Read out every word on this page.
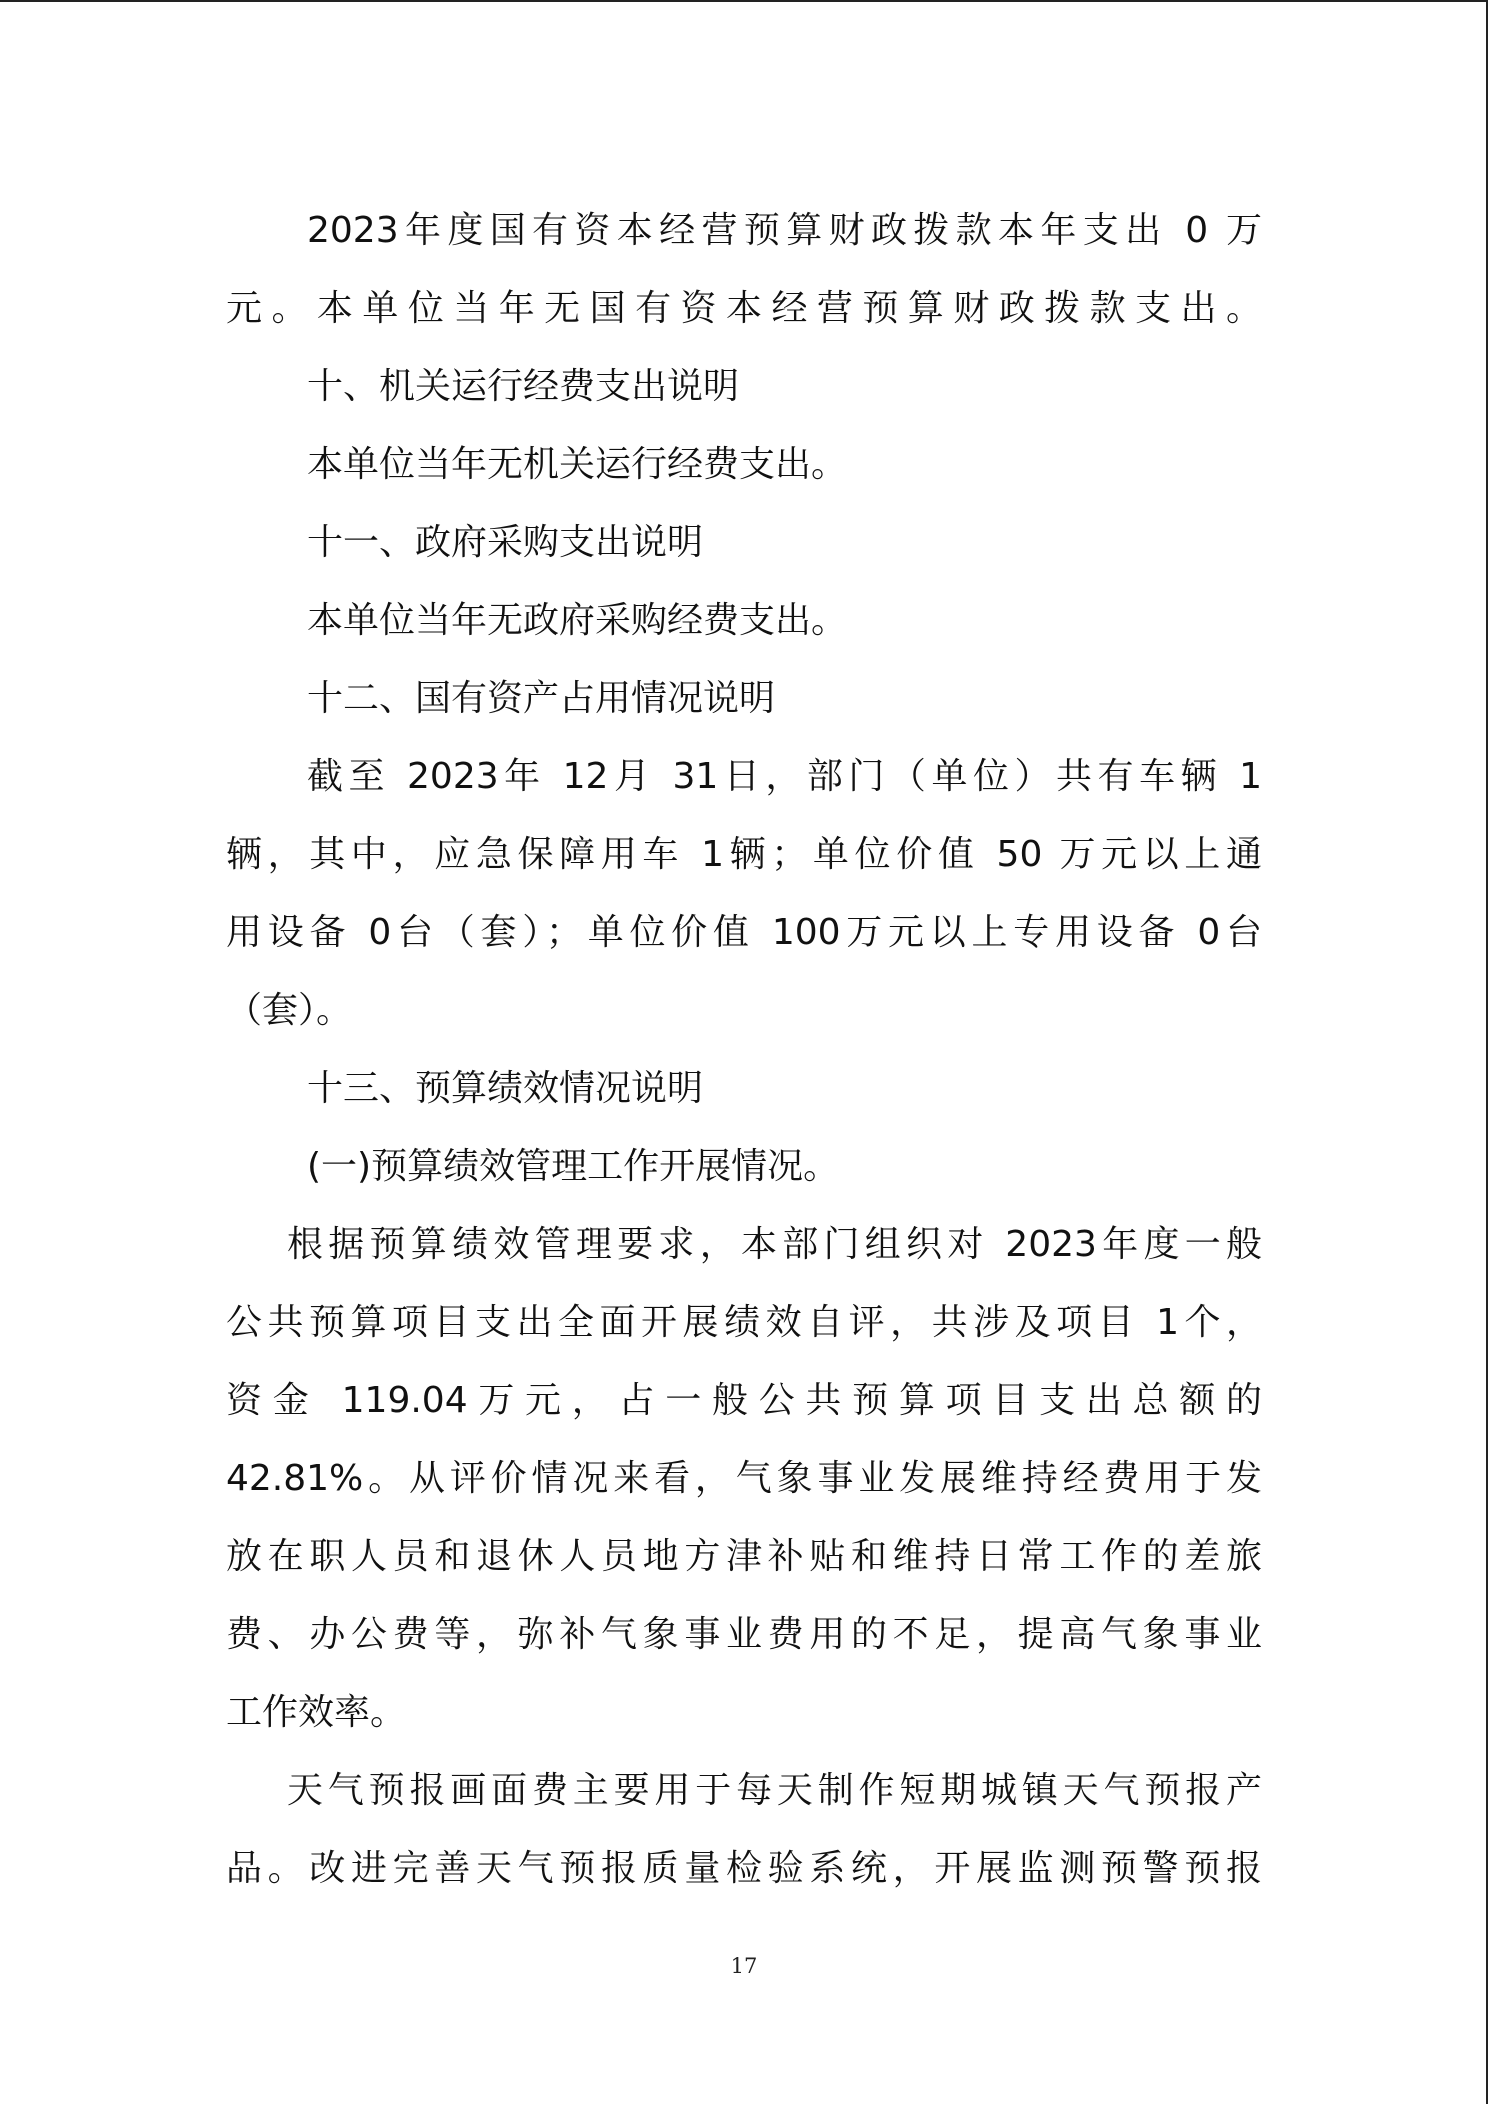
2023年度国有资本经营预算财政拨款本年支出 0 万
元。本单位当年无国有资本经营预算财政拨款支出。
十、机关运行经费支出说明
本单位当年无机关运行经费支出。
十一、政府采购支出说明
本单位当年无政府采购经费支出。
十二、国有资产占用情况说明
截至 2023年 12月 31日，部门（单位）共有车辆 1
辆，其中，应急保障用车 1辆；单位价值 50 万元以上通
用设备 0台（套）；单位价值 100万元以上专用设备 0台
（套）。
十三、预算绩效情况说明
(一)预算绩效管理工作开展情况。
根据预算绩效管理要求，本部门组织对 2023年度一般
公共预算项目支出全面开展绩效自评，共涉及项目 1个，
资金 119.04万元，占一般公共预算项目支出总额的
42.81%。从评价情况来看，气象事业发展维持经费用于发
放在职人员和退休人员地方津补贴和维持日常工作的差旅
费、办公费等，弥补气象事业费用的不足，提高气象事业
工作效率。
天气预报画面费主要用于每天制作短期城镇天气预报产
品。改进完善天气预报质量检验系统，开展监测预警预报
17
